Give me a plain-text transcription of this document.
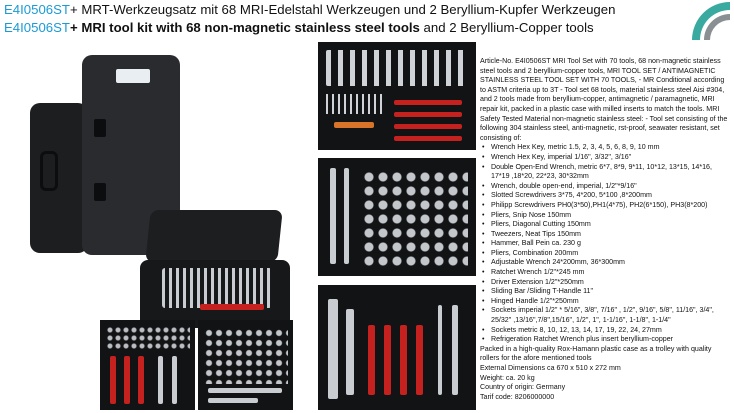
E4I0506ST+ MRT-Werkzeugsatz mit 68 MRI-Edelstahl Werkzeugen und 2 Beryllium-Kupfer Werkzeugen
E4I0506ST+ MRI tool kit with 68 non-magnetic stainless steel tools and 2 Beryllium-Copper tools

Article-No. E4I0506ST MRI Tool Set with 70 tools, 68 non-magnetic stainless steel tools and 2 beryllium-copper tools, MRI TOOL SET / ANTIMAGNETIC STAINLESS STEEL TOOL SET WITH 70 TOOLS, - MR Conditional according to ASTM criteria up to 3T - Tool set 68 tools, material stainless steel Aisi #304, and 2 tools made from beryllium-copper, antimagnetic / paramagnetic, MRI repair kit, packed in a plastic case with milled inserts to match the tools. MRI Safety Tested Material non-magnetic stainless steel: - Tool set consisting of the following 304 stainless steel, anti-magnetic, rst-proof, seawater resistant, set consisting of:

• Wrench Hex Key, metric 1.5, 2, 3, 4, 5, 6, 8, 9, 10 mm
• Wrench Hex Key, imperial 1/16", 3/32", 3/16"
• Double Open-End Wrench, metric 6*7, 8*9, 9*11, 10*12, 13*15, 14*16, 17*19 ,18*20, 22*23, 30*32mm
• Wrench, double open-end, imperial, 1/2"*9/16"
• Slotted Screwdrivers 3*75, 4*200, 5*100 ,8*200mm
• Philipp Screwdrivers PH0(3*50),PH1(4*75), PH2(6*150), PH3(8*200)
• Pliers, Snip Nose 150mm
• Pliers, Diagonal Cutting 150mm
• Tweezers, Neat Tips 150mm
• Hammer, Ball Pein ca. 230 g
• Pliers, Combination 200mm
• Adjustable Wrench 24*200mm, 36*300mm
• Ratchet Wrench 1/2"*245 mm
• Driver Extension 1/2"*250mm
• Sliding Bar /Sliding T-Handle 11"
• Hinged Handle 1/2"*250mm
• Sockets imperial 1/2" * 5/16", 3/8", 7/16" , 1/2", 9/16", 5/8", 11/16", 3/4", 25/32" ,13/16",7/8",15/16", 1/2", 1", 1-1/16", 1-1/8", 1-1/4"
• Sockets metric 8, 10, 12, 13, 14, 17, 19, 22, 24, 27mm
• Refrigeration Ratchet Wrench plus insert beryllium-copper

Packed in a high-quality Rox-Hamann plastic case as a trolley with quality rollers for the afore mentioned tools

External Dimensions ca 670 x 510 x 272 mm

Weight: ca. 20 kg

Country of origin: Germany

Tarif code: 8206000000
